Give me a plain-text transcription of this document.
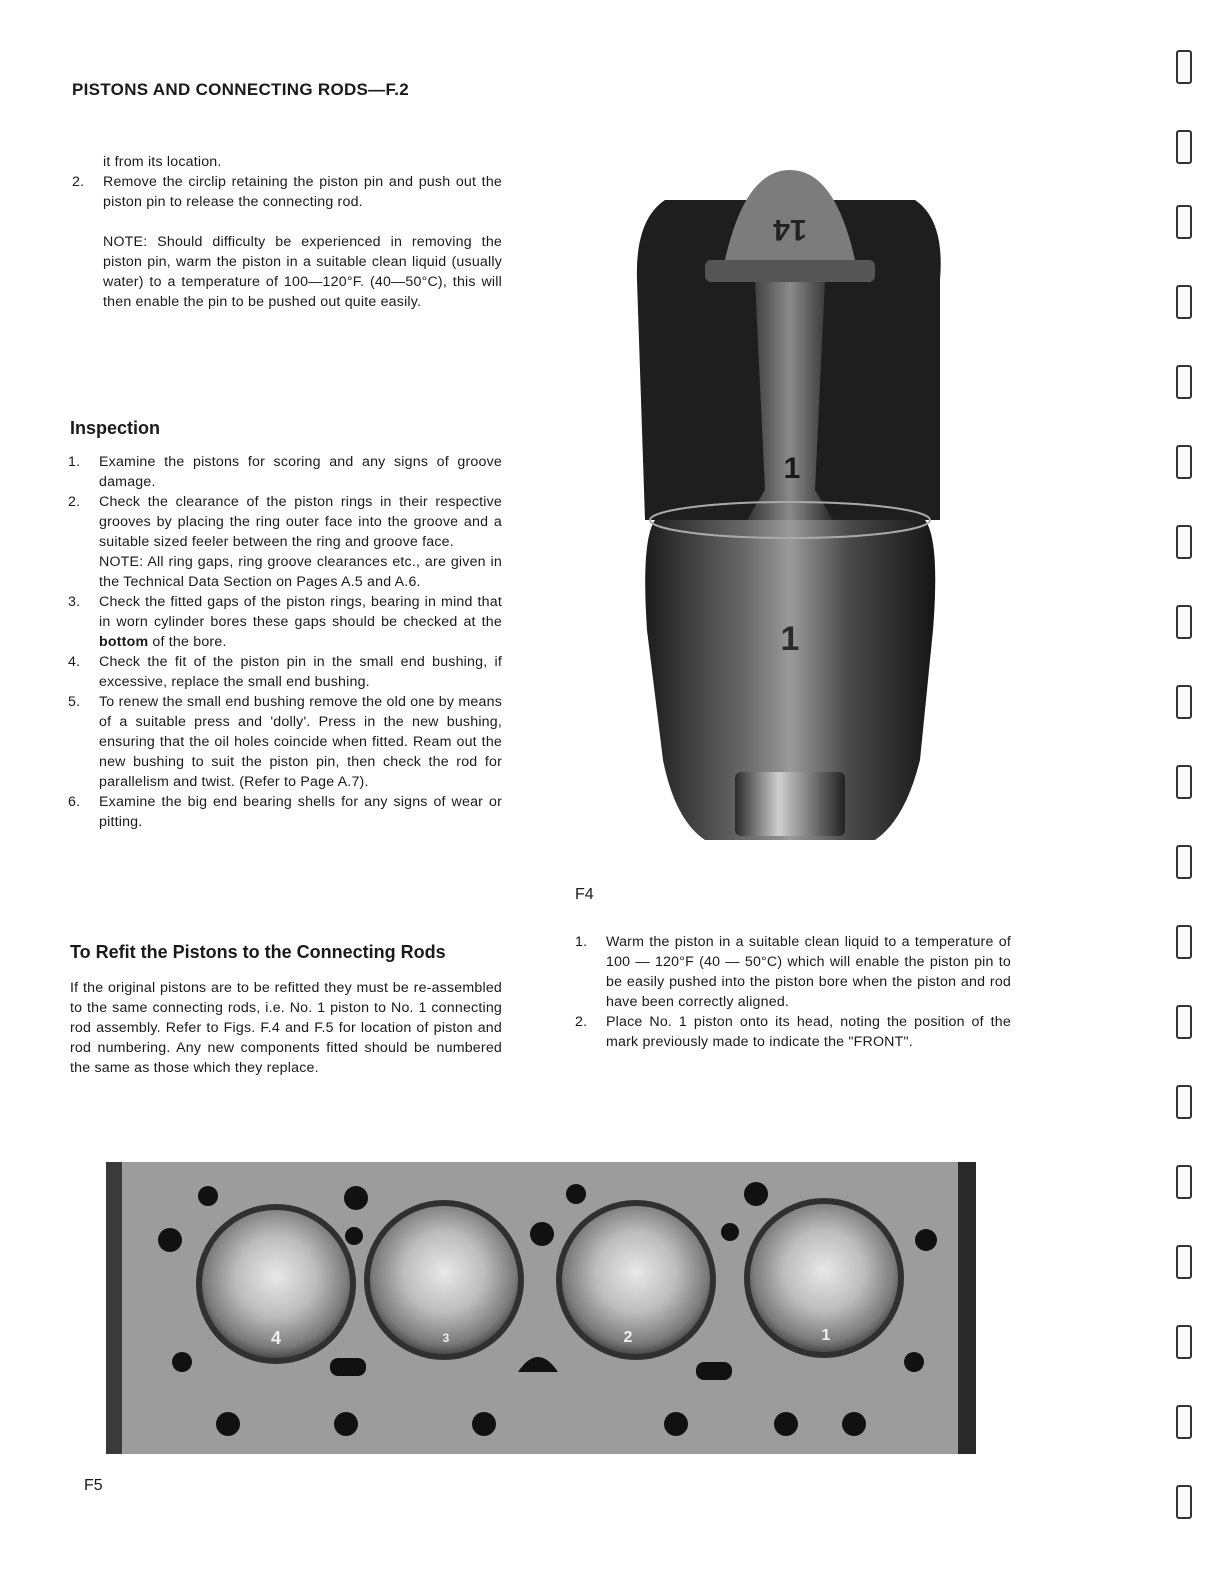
PISTONS AND CONNECTING RODS—F.2
it from its location.
2. Remove the circlip retaining the piston pin and push out the piston pin to release the connecting rod.
NOTE: Should difficulty be experienced in removing the piston pin, warm the piston in a suitable clean liquid (usually water) to a temperature of 100—120°F. (40—50°C), this will then enable the pin to be pushed out quite easily.
Inspection
1. Examine the pistons for scoring and any signs of groove damage.
2. Check the clearance of the piston rings in their respective grooves by placing the ring outer face into the groove and a suitable sized feeler between the ring and groove face.
NOTE: All ring gaps, ring groove clearances etc., are given in the Technical Data Section on Pages A.5 and A.6.
3. Check the fitted gaps of the piston rings, bearing in mind that in worn cylinder bores these gaps should be checked at the bottom of the bore.
4. Check the fit of the piston pin in the small end bushing, if excessive, replace the small end bushing.
5. To renew the small end bushing remove the old one by means of a suitable press and 'dolly'. Press in the new bushing, ensuring that the oil holes coincide when fitted. Ream out the new bushing to suit the piston pin, then check the rod for parallelism and twist. (Refer to Page A.7).
6. Examine the big end bearing shells for any signs of wear or pitting.
To Refit the Pistons to the Connecting Rods
If the original pistons are to be refitted they must be re-assembled to the same connecting rods, i.e. No. 1 piston to No. 1 connecting rod assembly. Refer to Figs. F.4 and F.5 for location of piston and rod numbering. Any new components fitted should be numbered the same as those which they replace.
14
1
1
F4
1. Warm the piston in a suitable clean liquid to a temperature of 100 — 120°F (40 — 50°C) which will enable the piston pin to be easily pushed into the piston bore when the piston and rod have been correctly aligned.
2. Place No. 1 piston onto its head, noting the position of the mark previously made to indicate the "FRONT".
4	3	2	1
F5
